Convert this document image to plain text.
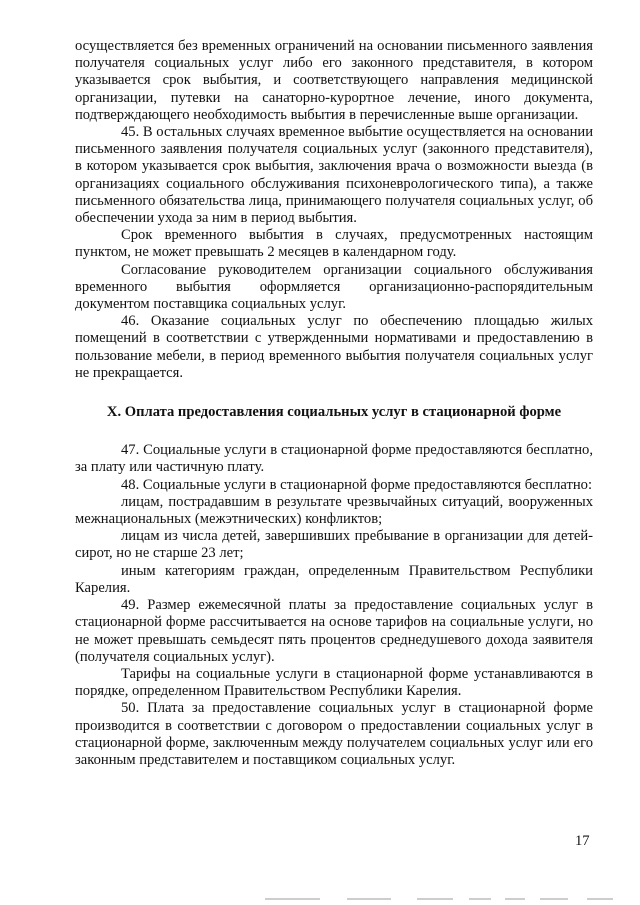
осуществляется без временных ограничений на основании письменного заявления получателя социальных услуг либо его законного представителя, в котором указывается срок выбытия, и соответствующего направления медицинской организации, путевки на санаторно-курортное лечение, иного документа, подтверждающего необходимость выбытия в перечисленные выше организации.

45. В остальных случаях временное выбытие осуществляется на основании письменного заявления получателя социальных услуг (законного представителя), в котором указывается срок выбытия, заключения врача о возможности выезда (в организациях социального обслуживания психоневрологического типа), а также письменного обязательства лица, принимающего получателя социальных услуг, об обеспечении ухода за ним в период выбытия.

Срок временного выбытия в случаях, предусмотренных настоящим пунктом, не может превышать 2 месяцев в календарном году.

Согласование руководителем организации социального обслуживания временного выбытия оформляется организационно-распорядительным документом поставщика социальных услуг.

46. Оказание социальных услуг по обеспечению площадью жилых помещений в соответствии с утвержденными нормативами и предоставлению в пользование мебели, в период временного выбытия получателя социальных услуг не прекращается.

X. Оплата предоставления социальных услуг в стационарной форме

47. Социальные услуги в стационарной форме предоставляются бесплатно, за плату или частичную плату.

48. Социальные услуги в стационарной форме предоставляются бесплатно:

лицам, пострадавшим в результате чрезвычайных ситуаций, вооруженных межнациональных (межэтнических) конфликтов;

лицам из числа детей, завершивших пребывание в организации для детей-сирот, но не старше 23 лет;

иным категориям граждан, определенным Правительством Республики Карелия.

49. Размер ежемесячной платы за предоставление социальных услуг в стационарной форме рассчитывается на основе тарифов на социальные услуги, но не может превышать семьдесят пять процентов среднедушевого дохода заявителя (получателя социальных услуг).

Тарифы на социальные услуги в стационарной форме устанавливаются в порядке, определенном Правительством Республики Карелия.

50. Плата за предоставление социальных услуг в стационарной форме производится в соответствии с договором о предоставлении социальных услуг в стационарной форме, заключенным между получателем социальных услуг или его законным представителем и поставщиком социальных услуг.

17
